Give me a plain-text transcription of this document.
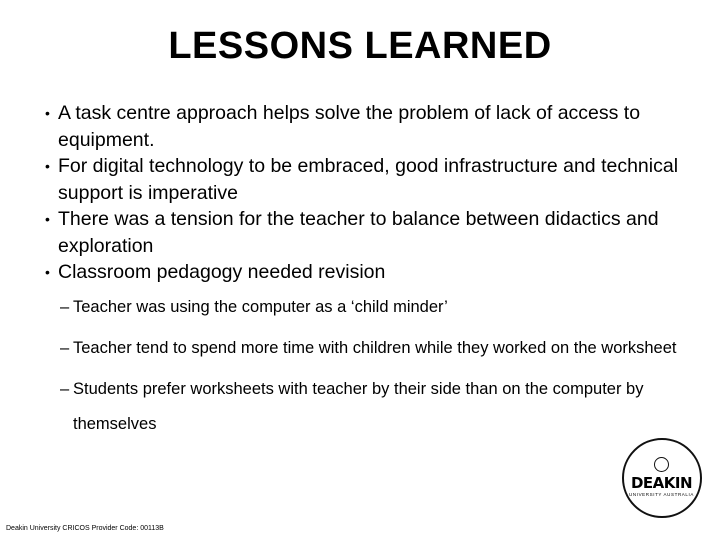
LESSONS LEARNED
• A task centre approach helps solve the problem of lack of access to equipment.
• For digital technology to be embraced, good infrastructure and technical support is imperative
• There was a tension for the teacher to balance between didactics and exploration
• Classroom pedagogy needed revision
– Teacher was using the computer as a ‘child minder’
– Teacher tend to spend more time with children while they worked on the worksheet
– Students prefer worksheets with teacher by their side than on the computer by themselves
Deakin University CRICOS Provider Code: 00113B
DEAKIN
UNIVERSITY AUSTRALIA
